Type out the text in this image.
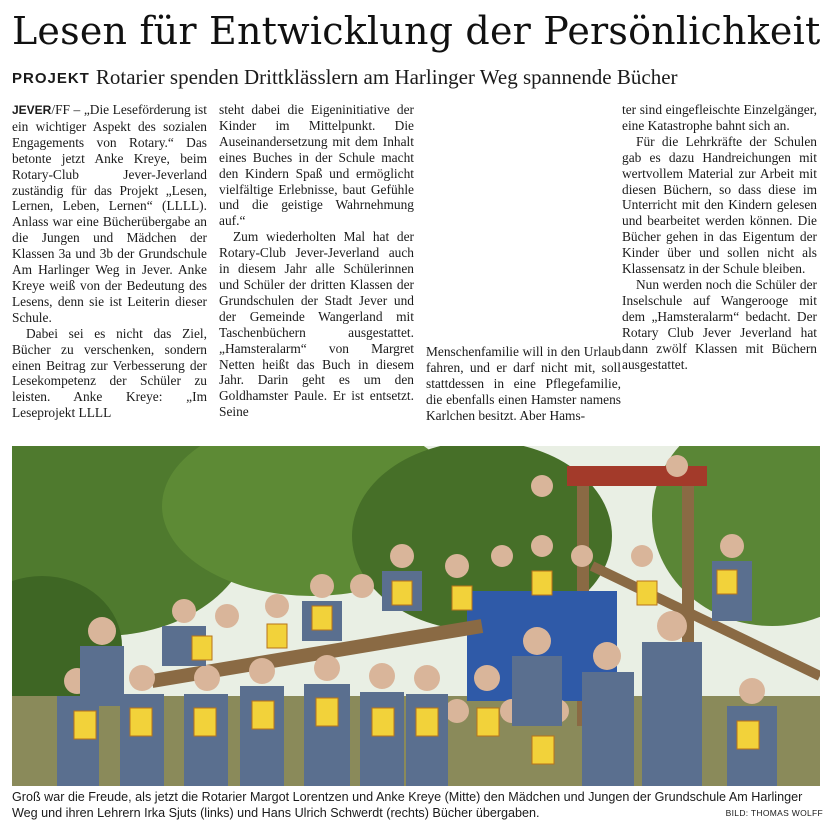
Lesen für Entwicklung der Persönlichkeit
PROJEKT Rotarier spenden Drittklässlern am Harlinger Weg spannende Bücher

JEVER/FF – „Die Leseförderung ist ein wichtiger Aspekt des sozialen Engagements von Rotary.“ Das betonte jetzt Anke Kreye, beim Rotary-Club Jever-Jeverland zuständig für das Projekt „Lesen, Lernen, Leben, Lernen“ (LLLL). Anlass war eine Bücherübergabe an die Jungen und Mädchen der Klassen 3a und 3b der Grundschule Am Harlinger Weg in Jever. Anke Kreye weiß von der Bedeutung des Lesens, denn sie ist Leiterin dieser Schule.

Dabei sei es nicht das Ziel, Bücher zu verschenken, sondern einen Beitrag zur Verbesserung der Lesekompetenz der Schüler zu leisten. Anke Kreye: „Im Leseprojekt LLLL

steht dabei die Eigeninitiative der Kinder im Mittelpunkt. Die Auseinandersetzung mit dem Inhalt eines Buches in der Schule macht den Kindern Spaß und ermöglicht vielfältige Erlebnisse, baut Gefühle und die geistige Wahrnehmung auf.“

Zum wiederholten Mal hat der Rotary-Club Jever-Jeverland auch in diesem Jahr alle Schülerinnen und Schüler der dritten Klassen der Grundschulen der Stadt Jever und der Gemeinde Wangerland mit Taschenbüchern ausgestattet. „Hamsteralarm“ von Margret Netten heißt das Buch in diesem Jahr. Darin geht es um den Goldhamster Paule. Er ist entsetzt. Seine

Menschenfamilie will in den Urlaub fahren, und er darf nicht mit, soll stattdessen in eine Pflegefamilie, die ebenfalls einen Hamster namens Karlchen besitzt. Aber Hams-

ter sind eingefleischte Einzelgänger, eine Katastrophe bahnt sich an.

Für die Lehrkräfte der Schulen gab es dazu Handreichungen mit wertvollem Material zur Arbeit mit diesen Büchern, so dass diese im Unterricht mit den Kindern gelesen und bearbeitet werden können. Die Bücher gehen in das Eigentum der Kinder über und sollen nicht als Klassensatz in der Schule bleiben.

Nun werden noch die Schüler der Inselschule auf Wangerooge mit dem „Hamsteralarm“ bedacht. Der Rotary Club Jever Jeverland hat dann zwölf Klassen mit Büchern ausgestattet.

Groß war die Freude, als jetzt die Rotarier Margot Lorentzen und Anke Kreye (Mitte) den Mädchen und Jungen der Grundschule Am Harlinger Weg und ihren Lehrern Irka Sjuts (links) und Hans Ulrich Schwerdt (rechts) Bücher übergaben.	BILD: THOMAS WOLFF
